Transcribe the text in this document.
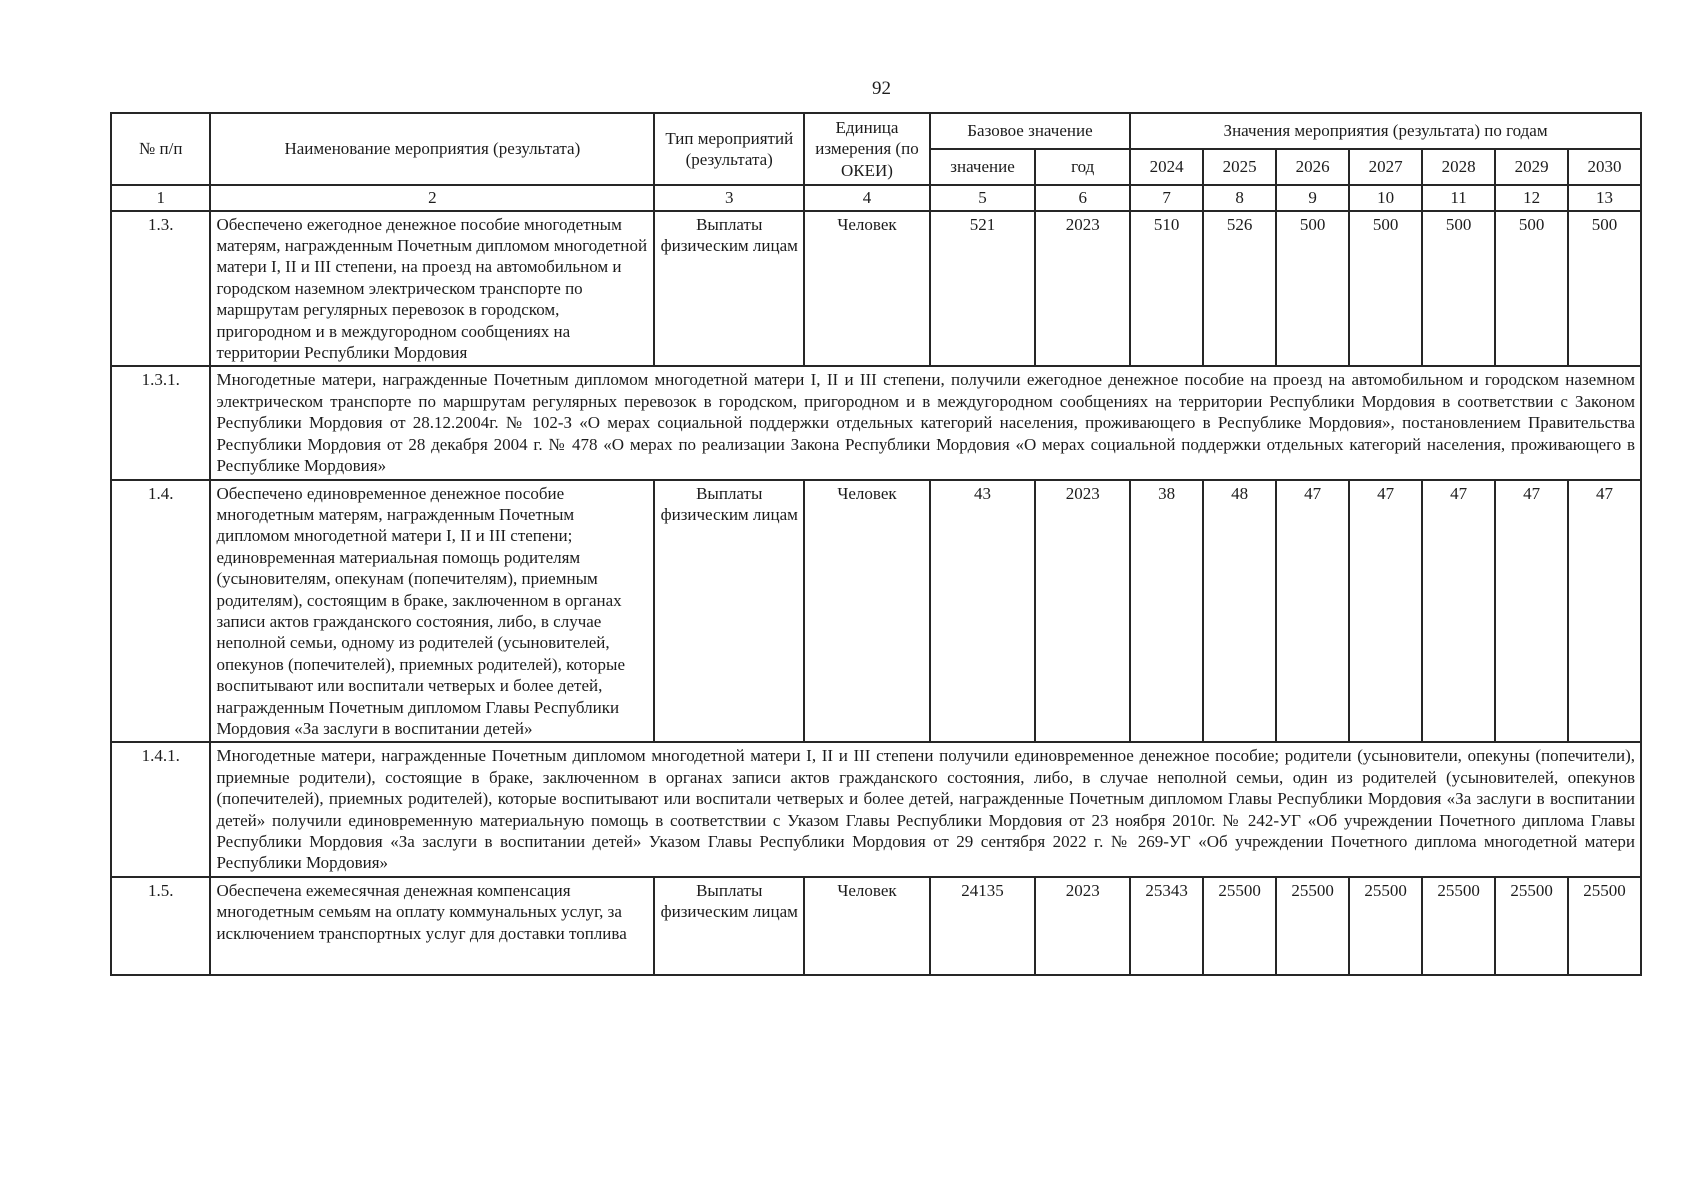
92
№ п/п	Наименование мероприятия (результата)	Тип мероприятий (результата)	Единица измерения (по ОКЕИ)	Базовое значение		Значения мероприятия (результата) по годам						
				значение	год	2024	2025	2026	2027	2028	2029	2030
1	2	3	4	5	6	7	8	9	10	11	12	13
1.3.	Обеспечено ежегодное денежное пособие многодетным матерям, награжденным Почетным дипломом многодетной матери I, II и III степени, на проезд на автомобильном и городском наземном электрическом транспорте по маршрутам регулярных перевозок в городском, пригородном и в междугородном сообщениях на территории Республики Мордовия	Выплаты физическим лицам	Человек	521	2023	510	526	500	500	500	500	500
1.3.1.	Многодетные матери, награжденные Почетным дипломом многодетной матери I, II и III степени, получили ежегодное денежное пособие на проезд на автомобильном и городском наземном электрическом транспорте по маршрутам регулярных перевозок в городском, пригородном и в междугородном сообщениях на территории Республики Мордовия в соответствии с Законом Республики Мордовия от 28.12.2004г. № 102-З «О мерах социальной поддержки отдельных категорий населения, проживающего в Республике Мордовия», постановлением Правительства Республики Мордовия от 28 декабря 2004 г. № 478 «О мерах по реализации Закона Республики Мордовия «О мерах социальной поддержки отдельных категорий населения, проживающего в Республике Мордовия»											
1.4.	Обеспечено единовременное денежное пособие многодетным матерям, награжденным Почетным дипломом многодетной матери I, II и III степени; единовременная материальная помощь родителям (усыновителям, опекунам (попечителям), приемным родителям), состоящим в браке, заключенном в органах записи актов гражданского состояния, либо, в случае неполной семьи, одному из родителей (усыновителей, опекунов (попечителей), приемных родителей), которые воспитывают или воспитали четверых и более детей, награжденным Почетным дипломом Главы Республики Мордовия «За заслуги в воспитании детей»	Выплаты физическим лицам	Человек	43	2023	38	48	47	47	47	47	47
1.4.1.	Многодетные матери, награжденные Почетным дипломом многодетной матери I, II и III степени получили единовременное денежное пособие; родители (усыновители, опекуны (попечители), приемные родители), состоящие в браке, заключенном в органах записи актов гражданского состояния, либо, в случае неполной семьи, один из родителей (усыновителей, опекунов (попечителей), приемных родителей), которые воспитывают или воспитали четверых и более детей, награжденные Почетным дипломом Главы Республики Мордовия «За заслуги в воспитании детей» получили единовременную материальную помощь в соответствии с Указом Главы Республики Мордовия от 23 ноября 2010г. № 242-УГ «Об учреждении Почетного диплома Главы Республики Мордовия «За заслуги в воспитании детей» Указом Главы Республики Мордовия от 29 сентября 2022 г. № 269-УГ «Об учреждении Почетного диплома многодетной матери Республики Мордовия»											
1.5.	Обеспечена ежемесячная денежная компенсация многодетным семьям на оплату коммунальных услуг, за исключением транспортных услуг для доставки топлива	Выплаты физическим лицам	Человек	24135	2023	25343	25500	25500	25500	25500	25500	25500
